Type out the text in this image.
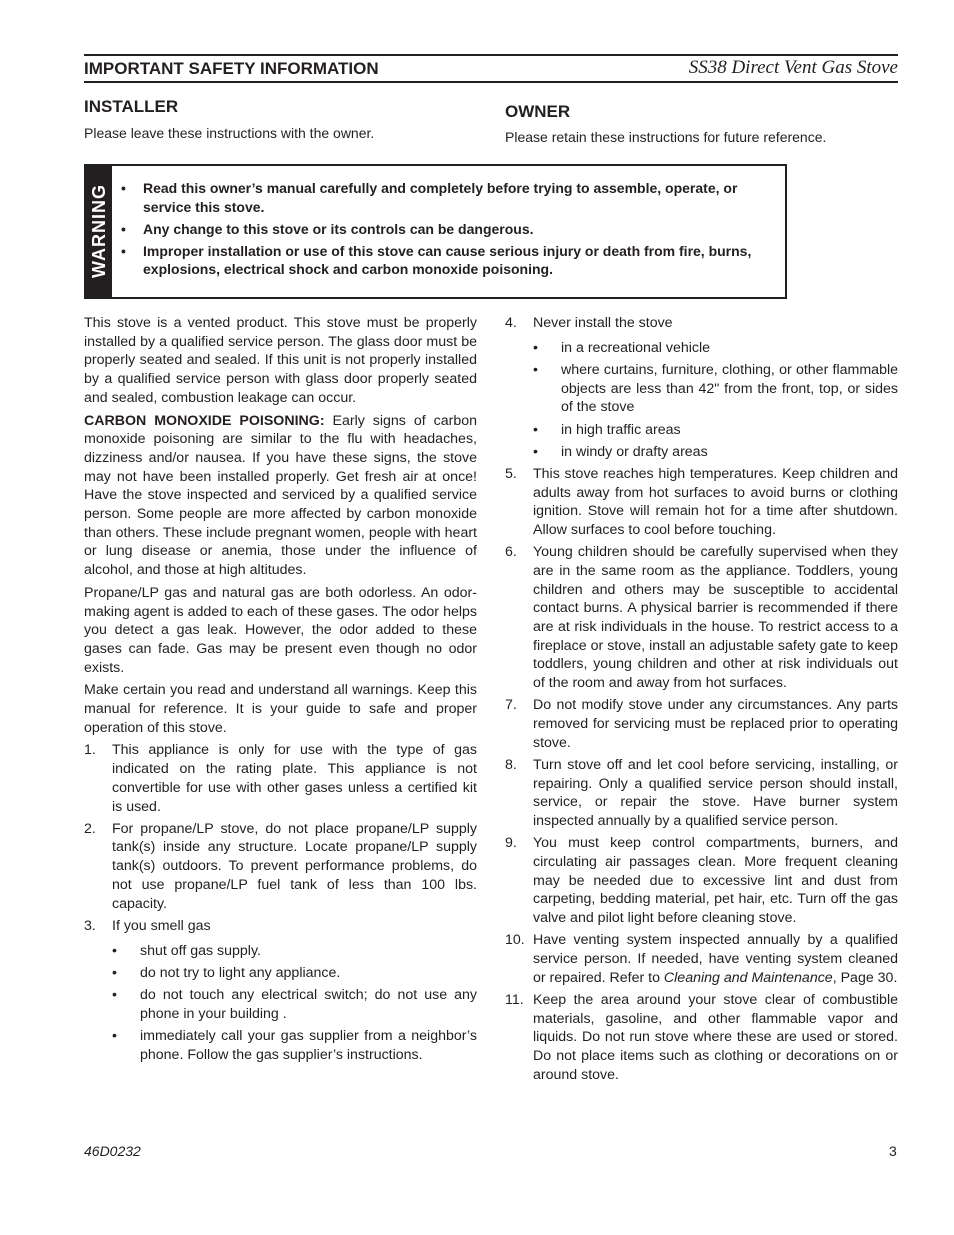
IMPORTANT SAFETY INFORMATION	SS38 Direct Vent Gas Stove
INSTALLER
Please leave these instructions with the owner.
OWNER
Please retain these instructions for future reference.
WARNING
•	Read this owner’s manual carefully and completely before trying to assemble, operate, or service this stove.
• Any change to this stove or its controls can be dangerous.
• Improper installation or use of this stove can cause serious injury or death from fire, burns, explosions, electrical shock and carbon monoxide poisoning.

This stove is a vented product. This stove must be properly installed by a qualified service person. The glass door must be properly seated and sealed. If this unit is not properly installed by a qualified service person with glass door properly seated and sealed, combustion leakage can occur.

CARBON MONOXIDE POISONING: Early signs of carbon monoxide poisoning are similar to the flu with headaches, dizziness and/or nausea. If you have these signs, the stove may not have been installed properly. Get fresh air at once! Have the stove inspected and serviced by a qualified service person. Some people are more affected by carbon monoxide than others. These include pregnant women, people with heart or lung disease or anemia, those under the influence of alcohol, and those at high altitudes.

Propane/LP gas and natural gas are both odorless. An odor-making agent is added to each of these gases. The odor helps you detect a gas leak. However, the odor added to these gases can fade. Gas may be present even though no odor exists.

Make certain you read and understand all warnings. Keep this manual for reference. It is your guide to safe and proper operation of this stove.

1. This appliance is only for use with the type of gas indicated on the rating plate. This appliance is not convertible for use with other gases unless a certified kit is used.
2. For propane/LP stove, do not place propane/LP supply tank(s) inside any structure. Locate propane/LP supply tank(s) outdoors. To prevent performance problems, do not use propane/LP fuel tank of less than 100 lbs. capacity.
3. If you smell gas
• shut off gas supply.
• do not try to light any appliance.
• do not touch any electrical switch; do not use any phone in your building .
• immediately call your gas supplier from a neighbor’s phone. Follow the gas supplier’s instructions.
4. Never install the stove
• in a recreational vehicle
• where curtains, furniture, clothing, or other flammable objects are less than 42" from the front, top, or sides of the stove
• in high traffic areas
• in windy or drafty areas
5. This stove reaches high temperatures. Keep children and adults away from hot surfaces to avoid burns or clothing ignition. Stove will remain hot for a time after shutdown. Allow surfaces to cool before touching.
6. Young children should be carefully supervised when they are in the same room as the appliance. Toddlers, young children and others may be susceptible to accidental contact burns. A physical barrier is recommended if there are at risk individuals in the house. To restrict access to a fireplace or stove, install an adjustable safety gate to keep toddlers, young children and other at risk individuals out of the room and away from hot surfaces.
7. Do not modify stove under any circumstances. Any parts removed for servicing must be replaced prior to operating stove.
8. Turn stove off and let cool before servicing, installing, or repairing. Only a qualified service person should install, service, or repair the stove. Have burner system inspected annually by a qualified service person.
9. You must keep control compartments, burners, and circulating air passages clean. More frequent cleaning may be needed due to excessive lint and dust from carpeting, bedding material, pet hair, etc. Turn off the gas valve and pilot light before cleaning stove.
10. Have venting system inspected annually by a qualified service person. If needed, have venting system cleaned or repaired. Refer to Cleaning and Maintenance, Page 30.
11. Keep the area around your stove clear of combustible materials, gasoline, and other flammable vapor and liquids. Do not run stove where these are used or stored. Do not place items such as clothing or decorations on or around stove.
46D0232	3
